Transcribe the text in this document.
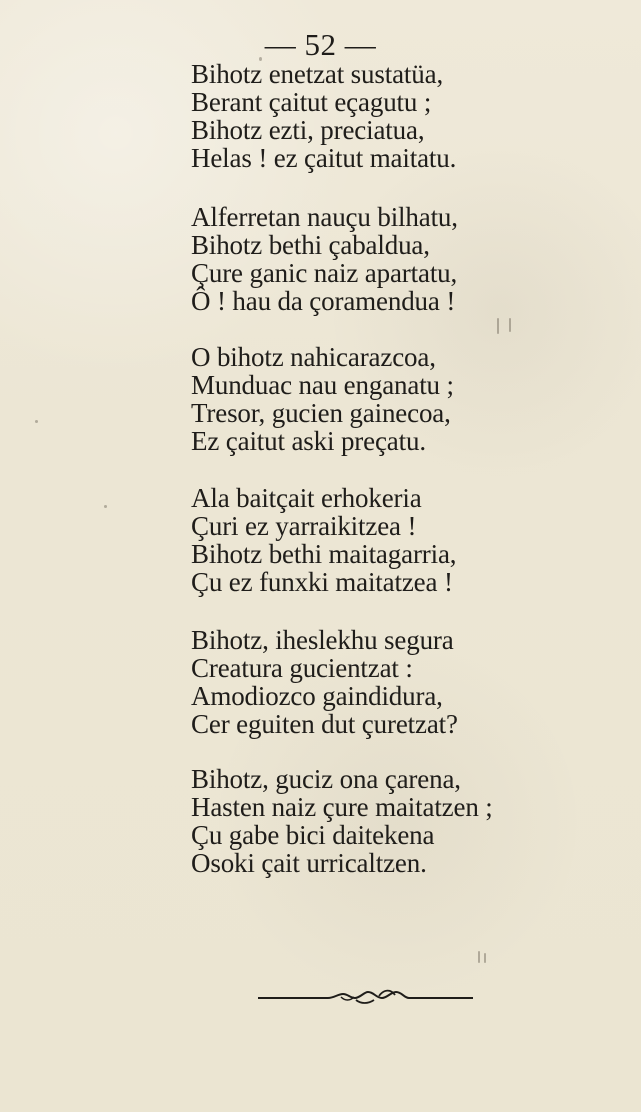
— 52 —
Bihotz enetzat sustatüa,
Berant çaitut eçagutu ;
Bihotz ezti, preciatua,
Helas ! ez çaitut maitatu.
Alferretan nauçu bilhatu,
Bihotz bethi çabaldua,
Çure ganic naiz apartatu,
Ô ! hau da çoramendua !
O bihotz nahicarazcoa,
Munduac nau enganatu ;
Tresor, gucien gainecoa,
Ez çaitut aski preçatu.
Ala baitçait erhokeria
Çuri ez yarraikitzea !
Bihotz bethi maitagarria,
Çu ez funxki maitatzea !
Bihotz, iheslekhu segura
Creatura gucientzat :
Amodiozco gaindidura,
Cer eguiten dut çuretzat?
Bihotz, guciz ona çarena,
Hasten naiz çure maitatzen ;
Çu gabe bici daitekena
Osoki çait urricaltzen.
